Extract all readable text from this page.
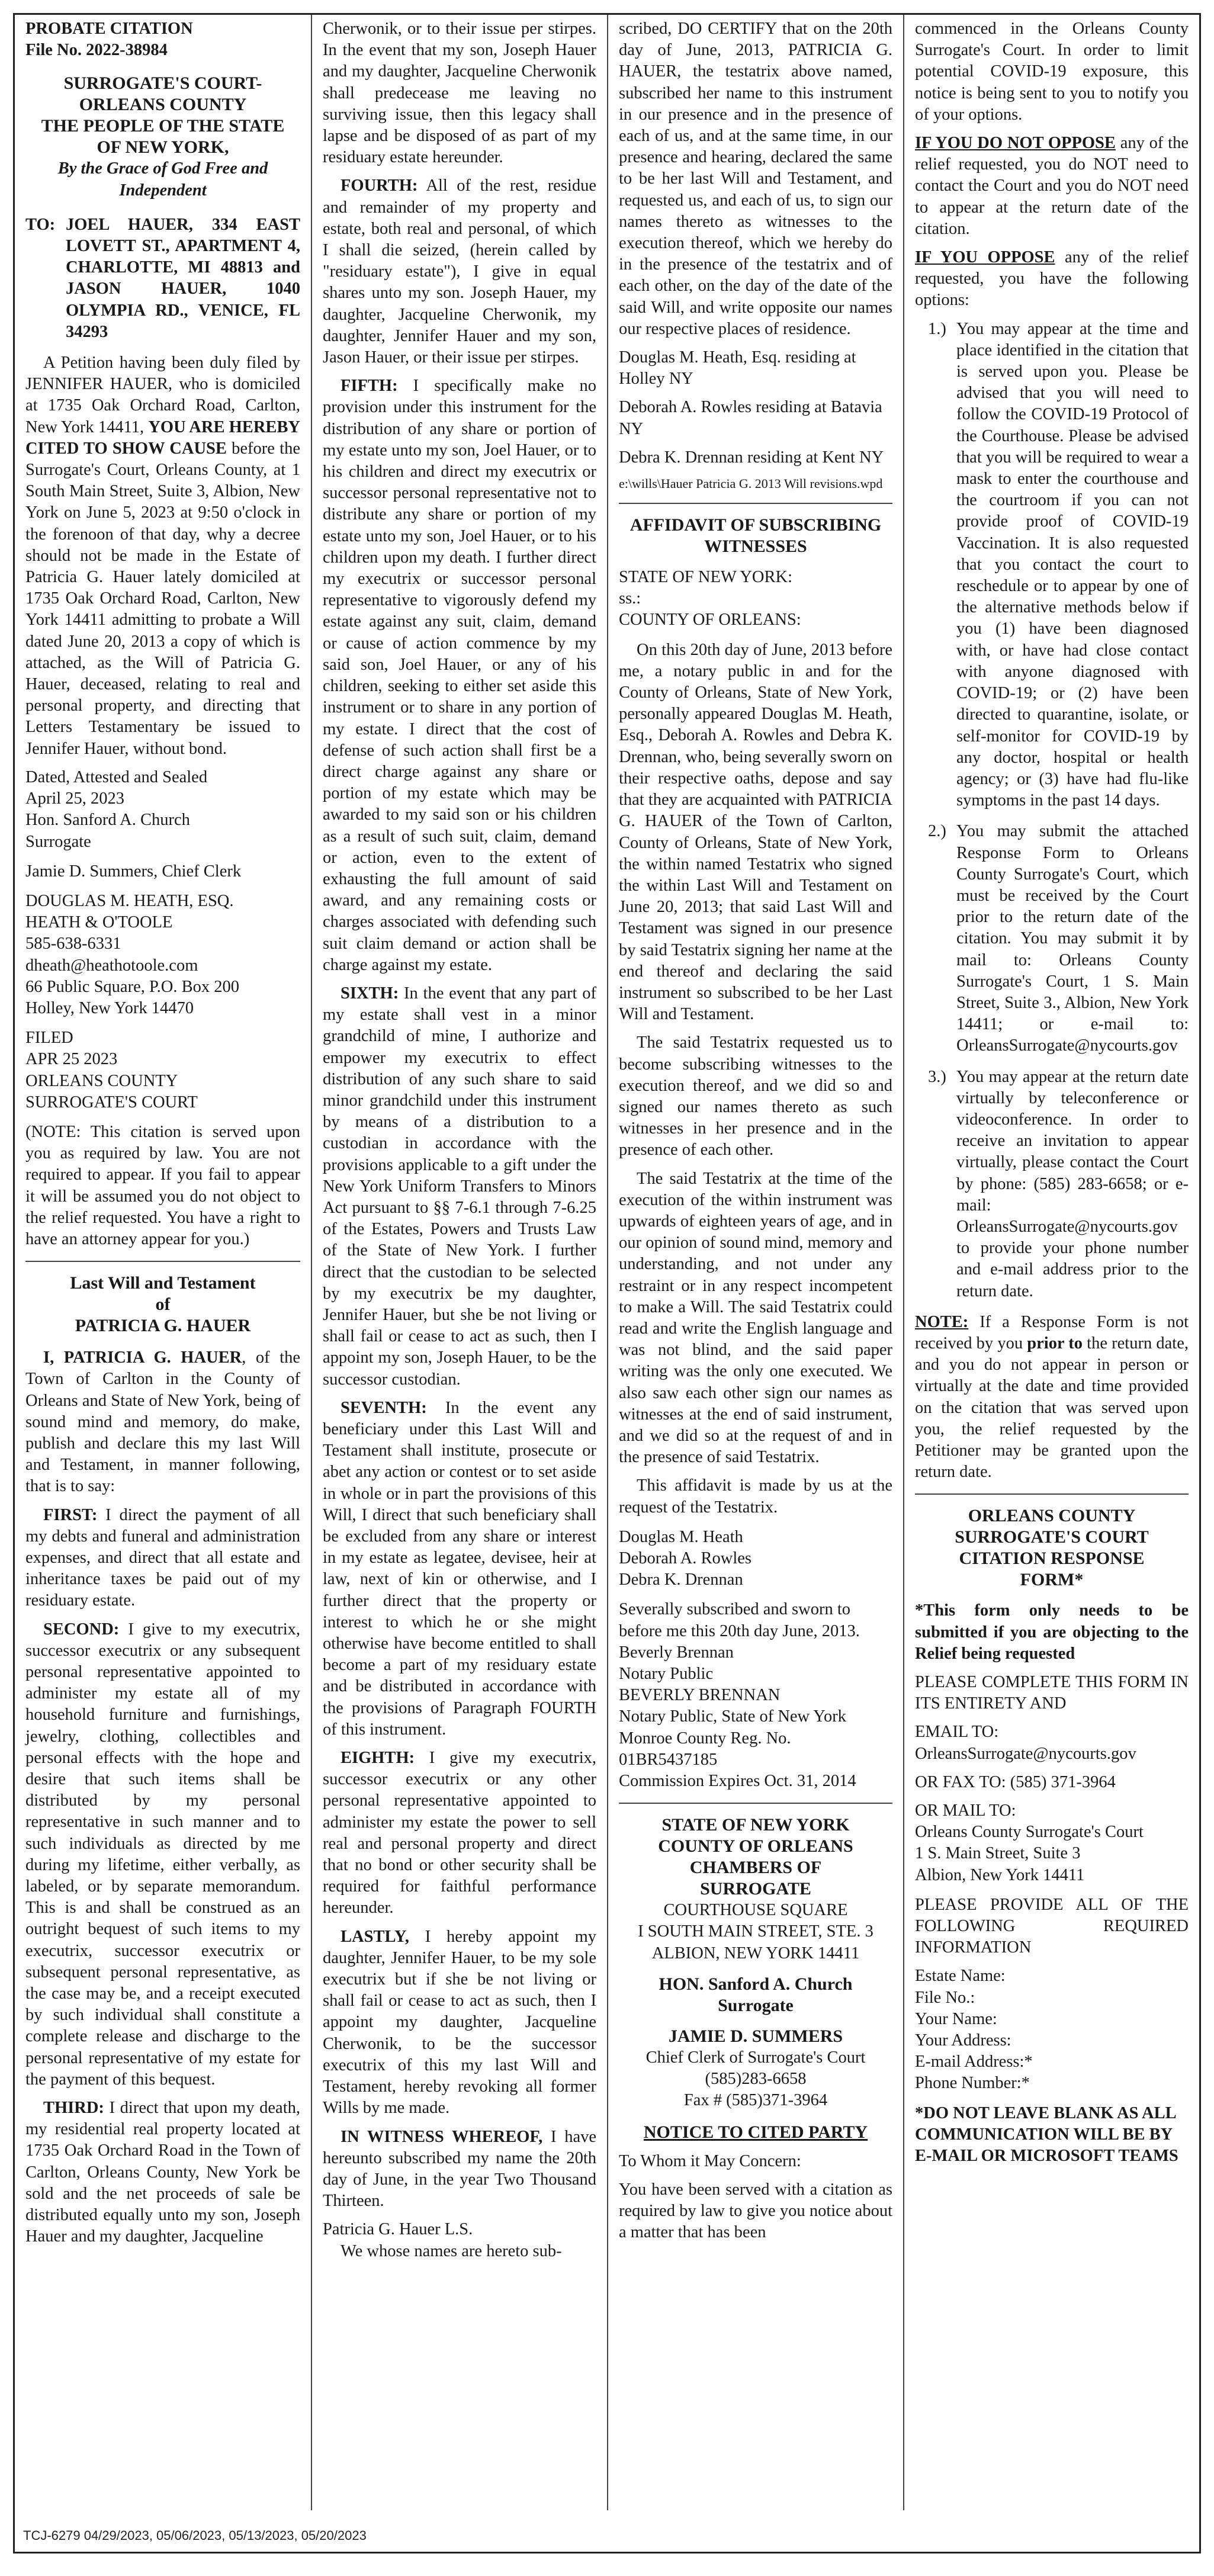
PROBATE CITATION

File No. 2022-38984

SURROGATE'S COURT-

ORLEANS COUNTY

THE PEOPLE OF THE STATE

OF NEW YORK,

By the Grace of God Free and Independent

TO: JOEL HAUER, 334 EAST LOVETT ST., APARTMENT 4, CHARLOTTE, MI 48813 and JASON HAUER, 1040 OLYMPIA RD., VENICE, FL 34293

A Petition having been duly filed by JENNIFER HAUER, who is domiciled at 1735 Oak Orchard Road, Carlton, New York 14411, YOU ARE HEREBY CITED TO SHOW CAUSE before the Surrogate's Court, Orleans County, at 1 South Main Street, Suite 3, Albion, New York on June 5, 2023 at 9:50 o'clock in the forenoon of that day, why a decree should not be made in the Estate of Patricia G. Hauer lately domiciled at 1735 Oak Orchard Road, Carlton, New York 14411 admitting to probate a Will dated June 20, 2013 a copy of which is attached, as the Will of Patricia G. Hauer, deceased, relating to real and personal property, and directing that Letters Testamentary be issued to Jennifer Hauer, without bond.

Dated, Attested and Sealed

April 25, 2023

Hon. Sanford A. Church

Surrogate

Jamie D. Summers, Chief Clerk

DOUGLAS M. HEATH, ESQ.

HEATH & O'TOOLE

585-638-6331

dheath@heathotoole.com

66 Public Square, P.O. Box 200

Holley, New York 14470

FILED

APR 25 2023

ORLEANS COUNTY

SURROGATE'S COURT

(NOTE: This citation is served upon you as required by law. You are not required to appear. If you fail to appear it will be assumed you do not object to the relief requested. You have a right to have an attorney appear for you.)

Last Will and Testament

of

PATRICIA G. HAUER

I, PATRICIA G. HAUER, of the Town of Carlton in the County of Orleans and State of New York, being of sound mind and memory, do make, publish and declare this my last Will and Testament, in manner following, that is to say:

FIRST: I direct the payment of all my debts and funeral and administration expenses, and direct that all estate and inheritance taxes be paid out of my residuary estate.

SECOND: I give to my executrix, successor executrix or any subsequent personal representative appointed to administer my estate all of my household furniture and furnishings, jewelry, clothing, collectibles and personal effects with the hope and desire that such items shall be distributed by my personal representative in such manner and to such individuals as directed by me during my lifetime, either verbally, as labeled, or by separate memorandum. This is and shall be construed as an outright bequest of such items to my executrix, successor executrix or subsequent personal representative, as the case may be, and a receipt executed by such individual shall constitute a complete release and discharge to the personal representative of my estate for the payment of this bequest.

THIRD: I direct that upon my death, my residential real property located at 1735 Oak Orchard Road in the Town of Carlton, Orleans County, New York be sold and the net proceeds of sale be distributed equally unto my son, Joseph Hauer and my daughter, Jacqueline

Cherwonik, or to their issue per stirpes. In the event that my son, Joseph Hauer and my daughter, Jacqueline Cherwonik shall predecease me leaving no surviving issue, then this legacy shall lapse and be disposed of as part of my residuary estate hereunder.

FOURTH: All of the rest, residue and remainder of my property and estate, both real and personal, of which I shall die seized, (herein called by "residuary estate"), I give in equal shares unto my son. Joseph Hauer, my daughter, Jacqueline Cherwonik, my daughter, Jennifer Hauer and my son, Jason Hauer, or their issue per stirpes.

FIFTH: I specifically make no provision under this instrument for the distribution of any share or portion of my estate unto my son, Joel Hauer, or to his children and direct my executrix or successor personal representative not to distribute any share or portion of my estate unto my son, Joel Hauer, or to his children upon my death. I further direct my executrix or successor personal representative to vigorously defend my estate against any suit, claim, demand or cause of action commence by my said son, Joel Hauer, or any of his children, seeking to either set aside this instrument or to share in any portion of my estate. I direct that the cost of defense of such action shall first be a direct charge against any share or portion of my estate which may be awarded to my said son or his children as a result of such suit, claim, demand or action, even to the extent of exhausting the full amount of said award, and any remaining costs or charges associated with defending such suit claim demand or action shall be charge against my estate.

SIXTH: In the event that any part of my estate shall vest in a minor grandchild of mine, I authorize and empower my executrix to effect distribution of any such share to said minor grandchild under this instrument by means of a distribution to a custodian in accordance with the provisions applicable to a gift under the New York Uniform Transfers to Minors Act pursuant to §§ 7-6.1 through 7-6.25 of the Estates, Powers and Trusts Law of the State of New York. I further direct that the custodian to be selected by my executrix be my daughter, Jennifer Hauer, but she be not living or shall fail or cease to act as such, then I appoint my son, Joseph Hauer, to be the successor custodian.

SEVENTH: In the event any beneficiary under this Last Will and Testament shall institute, prosecute or abet any action or contest or to set aside in whole or in part the provisions of this Will, I direct that such beneficiary shall be excluded from any share or interest in my estate as legatee, devisee, heir at law, next of kin or otherwise, and I further direct that the property or interest to which he or she might otherwise have become entitled to shall become a part of my residuary estate and be distributed in accordance with the provisions of Paragraph FOURTH of this instrument.

EIGHTH: I give my executrix, successor executrix or any other personal representative appointed to administer my estate the power to sell real and personal property and direct that no bond or other security shall be required for faithful performance hereunder.

LASTLY, I hereby appoint my daughter, Jennifer Hauer, to be my sole executrix but if she be not living or shall fail or cease to act as such, then I appoint my daughter, Jacqueline Cherwonik, to be the successor executrix of this my last Will and Testament, hereby revoking all former Wills by me made.

IN WITNESS WHEREOF, I have hereunto subscribed my name the 20th day of June, in the year Two Thousand Thirteen.

Patricia G. Hauer L.S.

We whose names are hereto sub-

scribed, DO CERTIFY that on the 20th day of June, 2013, PATRICIA G. HAUER, the testatrix above named, subscribed her name to this instrument in our presence and in the presence of each of us, and at the same time, in our presence and hearing, declared the same to be her last Will and Testament, and requested us, and each of us, to sign our names thereto as witnesses to the execution thereof, which we hereby do in the presence of the testatrix and of each other, on the day of the date of the said Will, and write opposite our names our respective places of residence.

Douglas M. Heath, Esq. residing at Holley NY

Deborah A. Rowles residing at Batavia NY

Debra K. Drennan residing at Kent NY

e:\wills\Hauer Patricia G. 2013 Will revisions.wpd

AFFIDAVIT OF SUBSCRIBING WITNESSES

STATE OF NEW YORK:

ss.:

COUNTY OF ORLEANS:

On this 20th day of June, 2013 before me, a notary public in and for the County of Orleans, State of New York, personally appeared Douglas M. Heath, Esq., Deborah A. Rowles and Debra K. Drennan, who, being severally sworn on their respective oaths, depose and say that they are acquainted with PATRICIA G. HAUER of the Town of Carlton, County of Orleans, State of New York, the within named Testatrix who signed the within Last Will and Testament on June 20, 2013; that said Last Will and Testament was signed in our presence by said Testatrix signing her name at the end thereof and declaring the said instrument so subscribed to be her Last Will and Testament.

The said Testatrix requested us to become subscribing witnesses to the execution thereof, and we did so and signed our names thereto as such witnesses in her presence and in the presence of each other.

The said Testatrix at the time of the execution of the within instrument was upwards of eighteen years of age, and in our opinion of sound mind, memory and understanding, and not under any restraint or in any respect incompetent to make a Will. The said Testatrix could read and write the English language and was not blind, and the said paper writing was the only one executed. We also saw each other sign our names as witnesses at the end of said instrument, and we did so at the request of and in the presence of said Testatrix.

This affidavit is made by us at the request of the Testatrix.

Douglas M. Heath

Deborah A. Rowles

Debra K. Drennan

Severally subscribed and sworn to before me this 20th day June, 2013.

Beverly Brennan

Notary Public

BEVERLY BRENNAN

Notary Public, State of New York

Monroe County Reg. No. 01BR5437185

Commission Expires Oct. 31, 2014

STATE OF NEW YORK

COUNTY OF ORLEANS

CHAMBERS OF

SURROGATE

COURTHOUSE SQUARE

I SOUTH MAIN STREET, STE. 3

ALBION, NEW YORK 14411

HON. Sanford A. Church

Surrogate

JAMIE D. SUMMERS

Chief Clerk of Surrogate's Court

(585)283-6658

Fax # (585)371-3964

NOTICE TO CITED PARTY

To Whom it May Concern:

You have been served with a citation as required by law to give you notice about a matter that has been

commenced in the Orleans County Surrogate's Court. In order to limit potential COVID-19 exposure, this notice is being sent to you to notify you of your options.

IF YOU DO NOT OPPOSE any of the relief requested, you do NOT need to contact the Court and you do NOT need to appear at the return date of the citation.

IF YOU OPPOSE any of the relief requested, you have the following options:

1.) You may appear at the time and place identified in the citation that is served upon you. Please be advised that you will need to follow the COVID-19 Protocol of the Courthouse. Please be advised that you will be required to wear a mask to enter the courthouse and the courtroom if you can not provide proof of COVID-19 Vaccination. It is also requested that you contact the court to reschedule or to appear by one of the alternative methods below if you (1) have been diagnosed with, or have had close contact with anyone diagnosed with COVID-19; or (2) have been directed to quarantine, isolate, or self-monitor for COVID-19 by any doctor, hospital or health agency; or (3) have had flu-like symptoms in the past 14 days.
2.) You may submit the attached Response Form to Orleans County Surrogate's Court, which must be received by the Court prior to the return date of the citation. You may submit it by mail to: Orleans County Surrogate's Court, 1 S. Main Street, Suite 3., Albion, New York 14411; or e-mail to: OrleansSurrogate@nycourts.gov
3.) You may appear at the return date virtually by teleconference or videoconference. In order to receive an invitation to appear virtually, please contact the Court by phone: (585) 283-6658; or e-mail: OrleansSurrogate@nycourts.gov to provide your phone number and e-mail address prior to the return date.

NOTE: If a Response Form is not received by you prior to the return date, and you do not appear in person or virtually at the date and time provided on the citation that was served upon you, the relief requested by the Petitioner may be granted upon the return date.

ORLEANS COUNTY

SURROGATE'S COURT

CITATION RESPONSE

FORM*

*This form only needs to be submitted if you are objecting to the Relief being requested

PLEASE COMPLETE THIS FORM IN ITS ENTIRETY AND

EMAIL TO:

OrleansSurrogate@nycourts.gov

OR FAX TO: (585) 371-3964

OR MAIL TO:

Orleans County Surrogate's Court

1 S. Main Street, Suite 3

Albion, New York 14411

PLEASE PROVIDE ALL OF THE FOLLOWING REQUIRED INFORMATION

Estate Name:

File No.:

Your Name:

Your Address:

E-mail Address:*

Phone Number:*

*DO NOT LEAVE BLANK AS ALL COMMUNICATION WILL BE BY E-MAIL OR MICROSOFT TEAMS

TCJ-6279 04/29/2023, 05/06/2023, 05/13/2023, 05/20/2023
